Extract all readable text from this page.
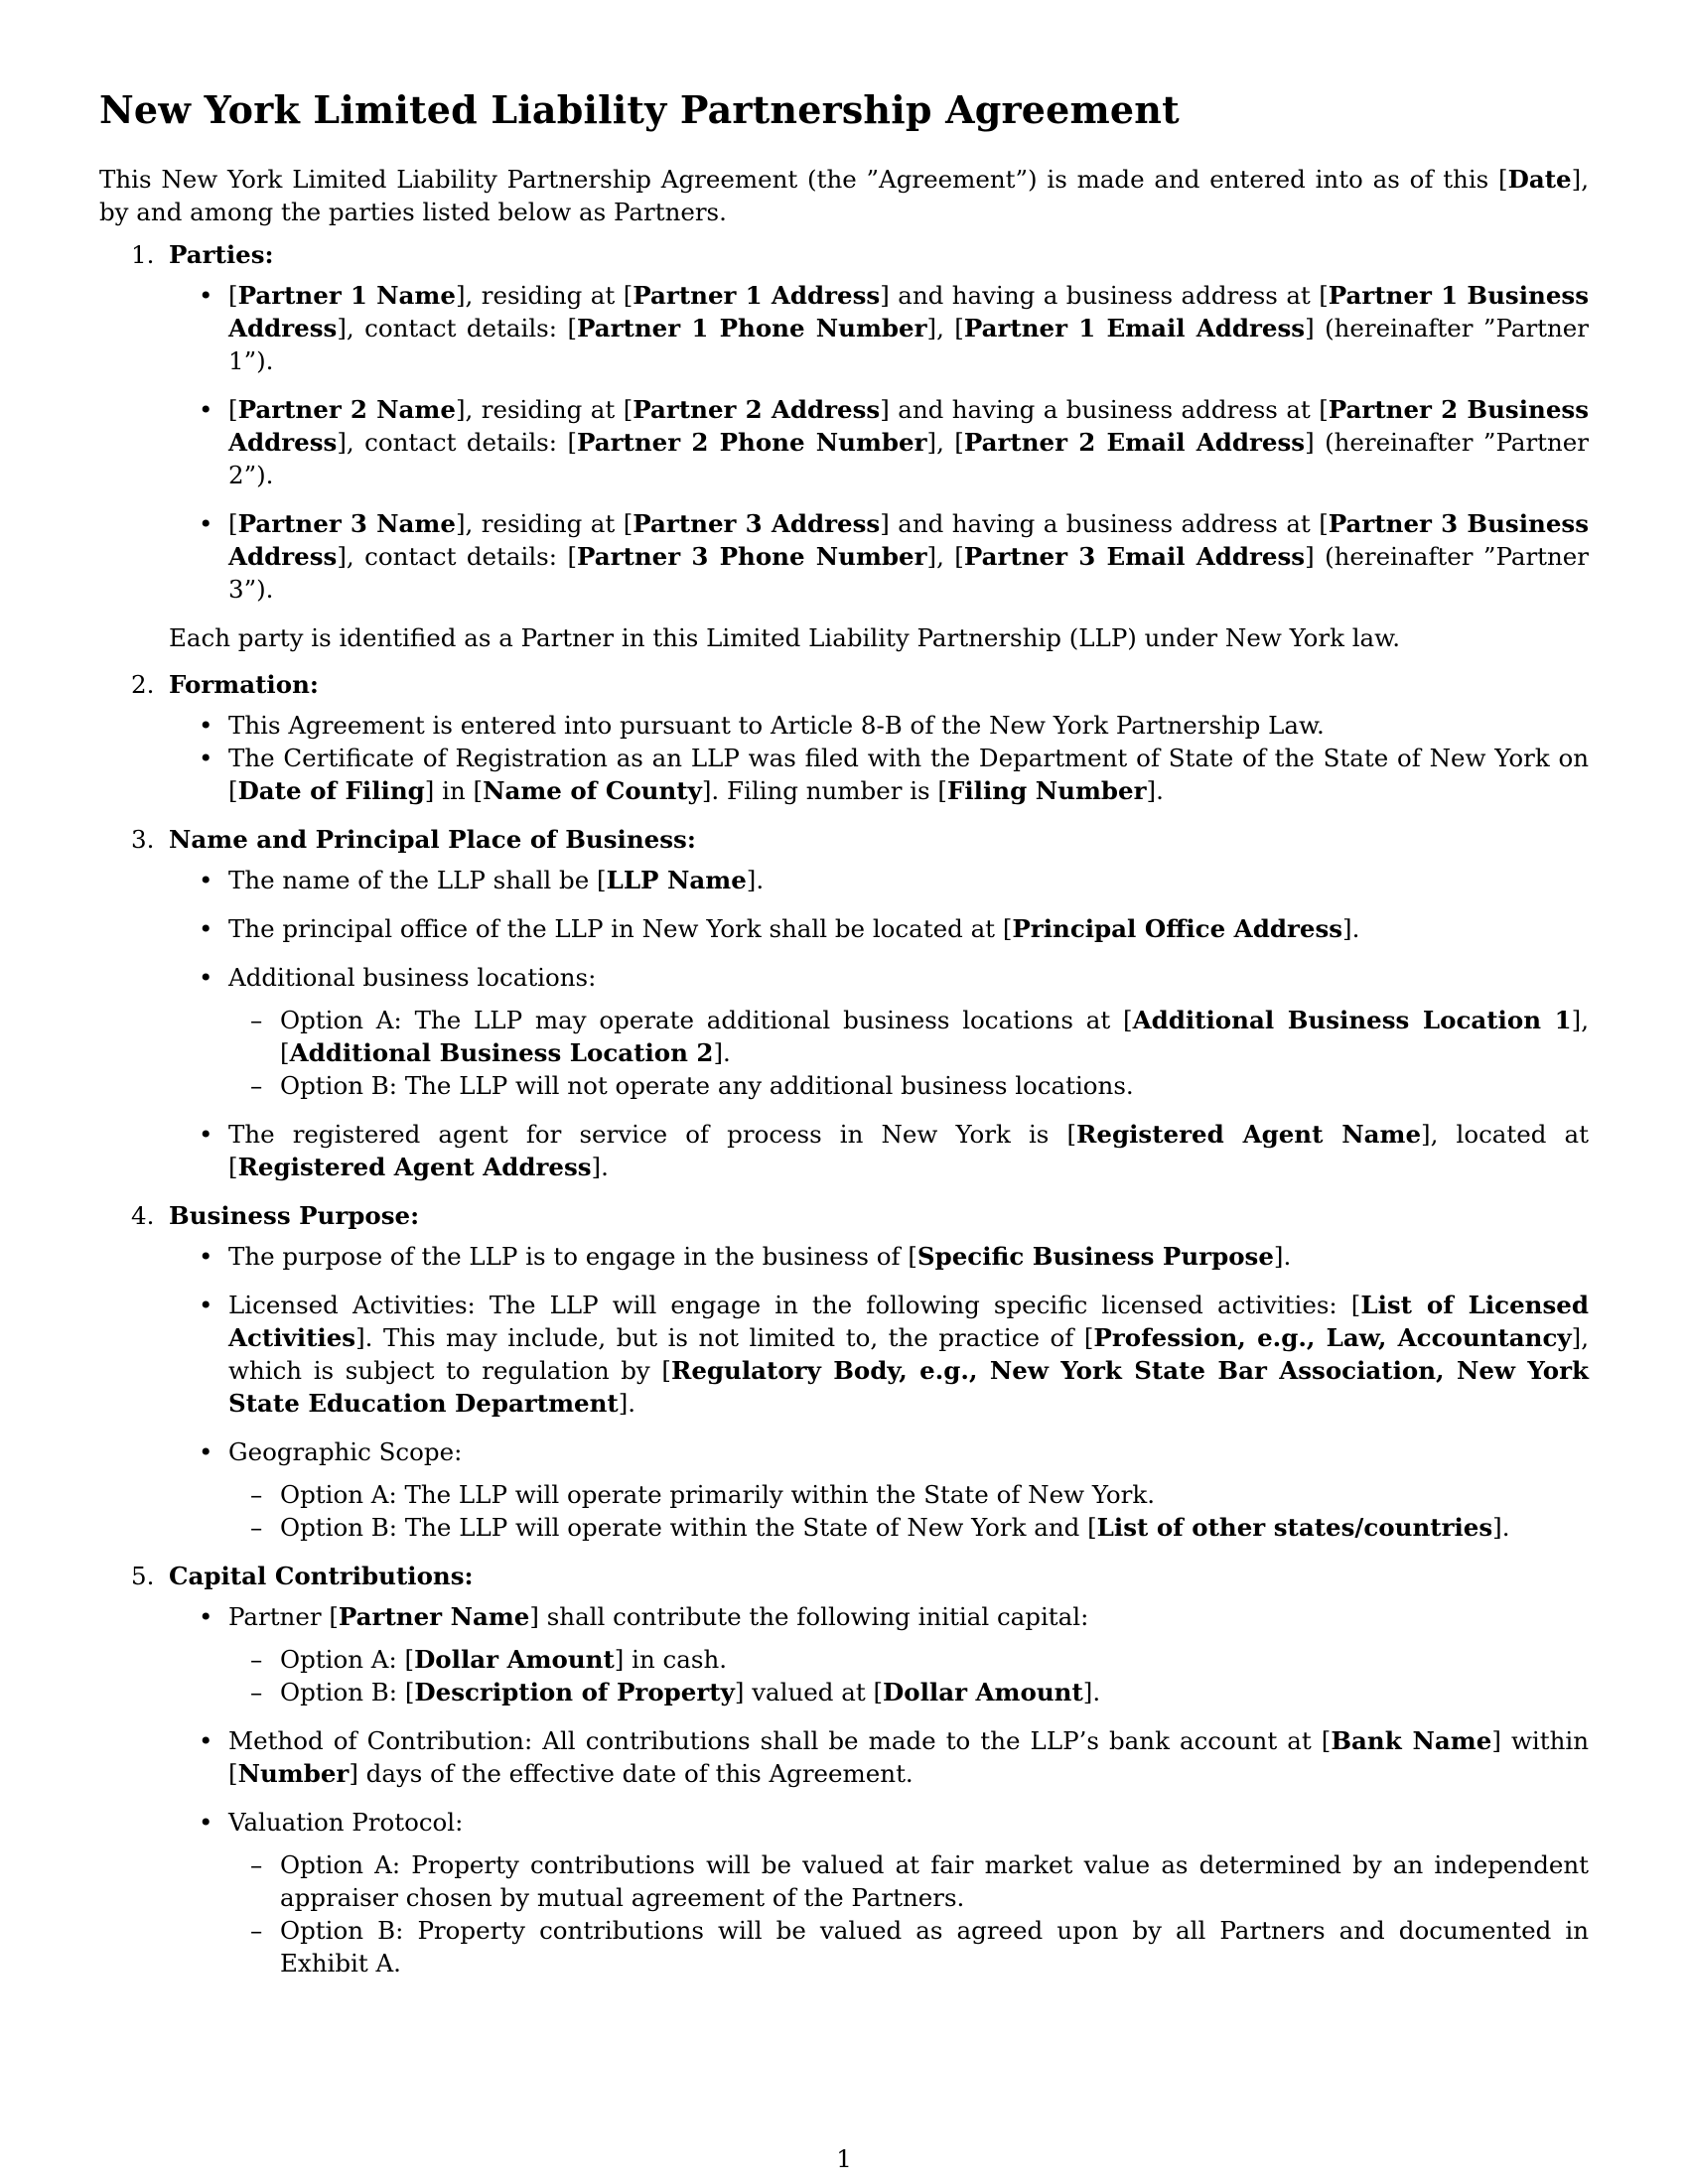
New York Limited Liability Partnership Agreement

This New York Limited Liability Partnership Agreement (the ”Agreement”) is made and entered into as of this [Date], by and among the parties listed below as Partners.

1. Parties:
• [Partner 1 Name], residing at [Partner 1 Address] and having a business address at [Partner 1 Business Address], contact details: [Partner 1 Phone Number], [Partner 1 Email Address] (hereinafter ”Partner 1”).
• [Partner 2 Name], residing at [Partner 2 Address] and having a business address at [Partner 2 Business Address], contact details: [Partner 2 Phone Number], [Partner 2 Email Address] (hereinafter ”Partner 2”).
• [Partner 3 Name], residing at [Partner 3 Address] and having a business address at [Partner 3 Business Address], contact details: [Partner 3 Phone Number], [Partner 3 Email Address] (hereinafter ”Partner 3”).

Each party is identified as a Partner in this Limited Liability Partnership (LLP) under New York law.

2. Formation:
• This Agreement is entered into pursuant to Article 8-B of the New York Partnership Law.
• The Certificate of Registration as an LLP was filed with the Department of State of the State of New York on [Date of Filing] in [Name of County]. Filing number is [Filing Number].
3. Name and Principal Place of Business:
• The name of the LLP shall be [LLP Name].
• The principal office of the LLP in New York shall be located at [Principal Office Address].
• Additional business locations:
– Option A: The LLP may operate additional business locations at [Additional Business Location 1], [Additional Business Location 2].
– Option B: The LLP will not operate any additional business locations.
• The registered agent for service of process in New York is [Registered Agent Name], located at [Registered Agent Address].
4. Business Purpose:
• The purpose of the LLP is to engage in the business of [Specific Business Purpose].
• Licensed Activities: The LLP will engage in the following specific licensed activities: [List of Licensed Activities]. This may include, but is not limited to, the practice of [Profession, e.g., Law, Accountancy], which is subject to regulation by [Regulatory Body, e.g., New York State Bar Association, New York State Education Department].
• Geographic Scope:
– Option A: The LLP will operate primarily within the State of New York.
– Option B: The LLP will operate within the State of New York and [List of other states/countries].
5. Capital Contributions:
• Partner [Partner Name] shall contribute the following initial capital:
– Option A: [Dollar Amount] in cash.
– Option B: [Description of Property] valued at [Dollar Amount].
• Method of Contribution: All contributions shall be made to the LLP’s bank account at [Bank Name] within [Number] days of the effective date of this Agreement.
• Valuation Protocol:
– Option A: Property contributions will be valued at fair market value as determined by an independent appraiser chosen by mutual agreement of the Partners.
– Option B: Property contributions will be valued as agreed upon by all Partners and documented in Exhibit A.
1
